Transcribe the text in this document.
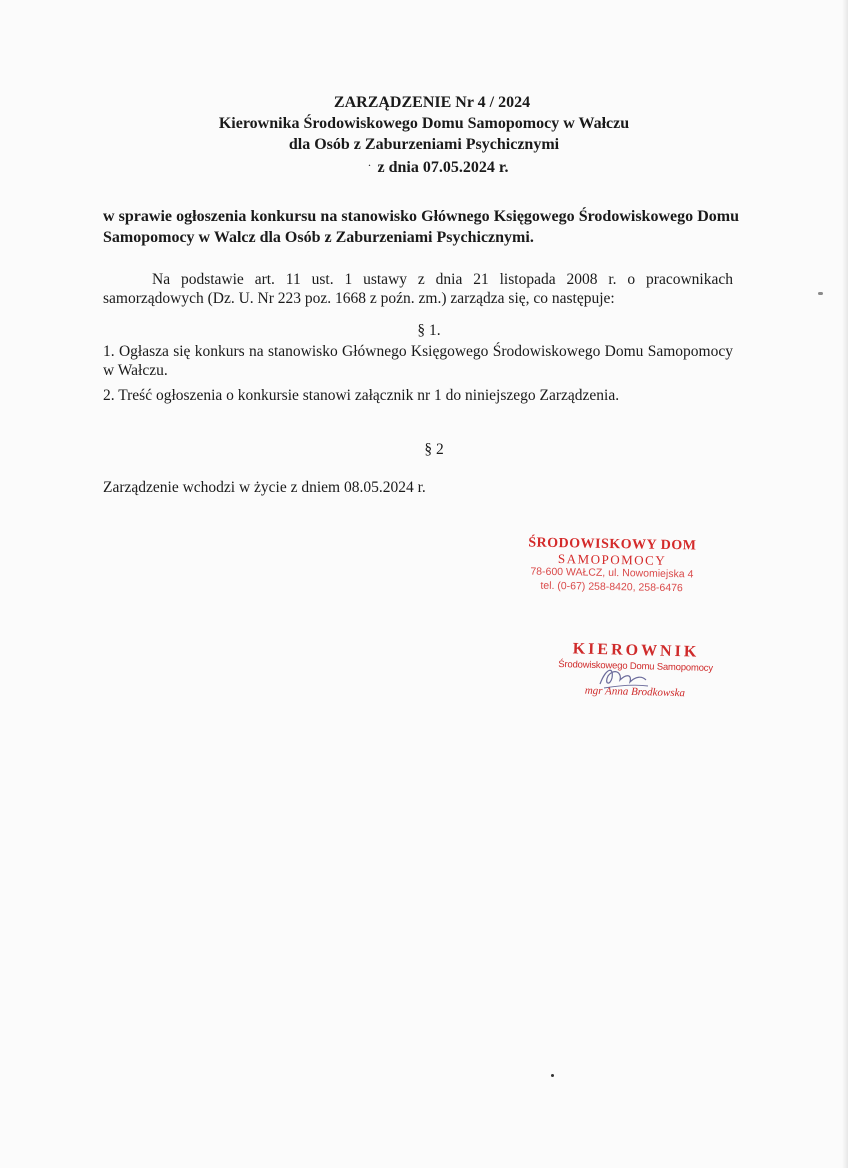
ZARZĄDZENIE Nr 4 / 2024
Kierownika Środowiskowego Domu Samopomocy w Wałczu
dla Osób z Zaburzeniami Psychicznymi
· z dnia 07.05.2024 r.
w sprawie ogłoszenia konkursu na stanowisko Głównego Księgowego Środowiskowego Domu Samopomocy w Walcz dla Osób z Zaburzeniami Psychicznymi.
Na podstawie art. 11 ust. 1 ustawy z dnia 21 listopada 2008 r. o pracownikach samorządowych (Dz. U. Nr 223 poz. 1668 z poźn. zm.) zarządza się, co następuje:
§ 1.
1. Ogłasza się konkurs na stanowisko Głównego Księgowego Środowiskowego Domu Samopomocy w Wałczu.
2. Treść ogłoszenia o konkursie stanowi załącznik nr 1 do niniejszego Zarządzenia.
§ 2
Zarządzenie wchodzi w życie z dniem 08.05.2024 r.
ŚRODOWISKOWY DOM
SAMOPOMOCY
78-600 WAŁCZ, ul. Nowomiejska 4
tel. (0-67) 258-8420, 258-6476
KIEROWNIK
Środowiskowego Domu Samopomocy
mgr Anna Brodkowska
